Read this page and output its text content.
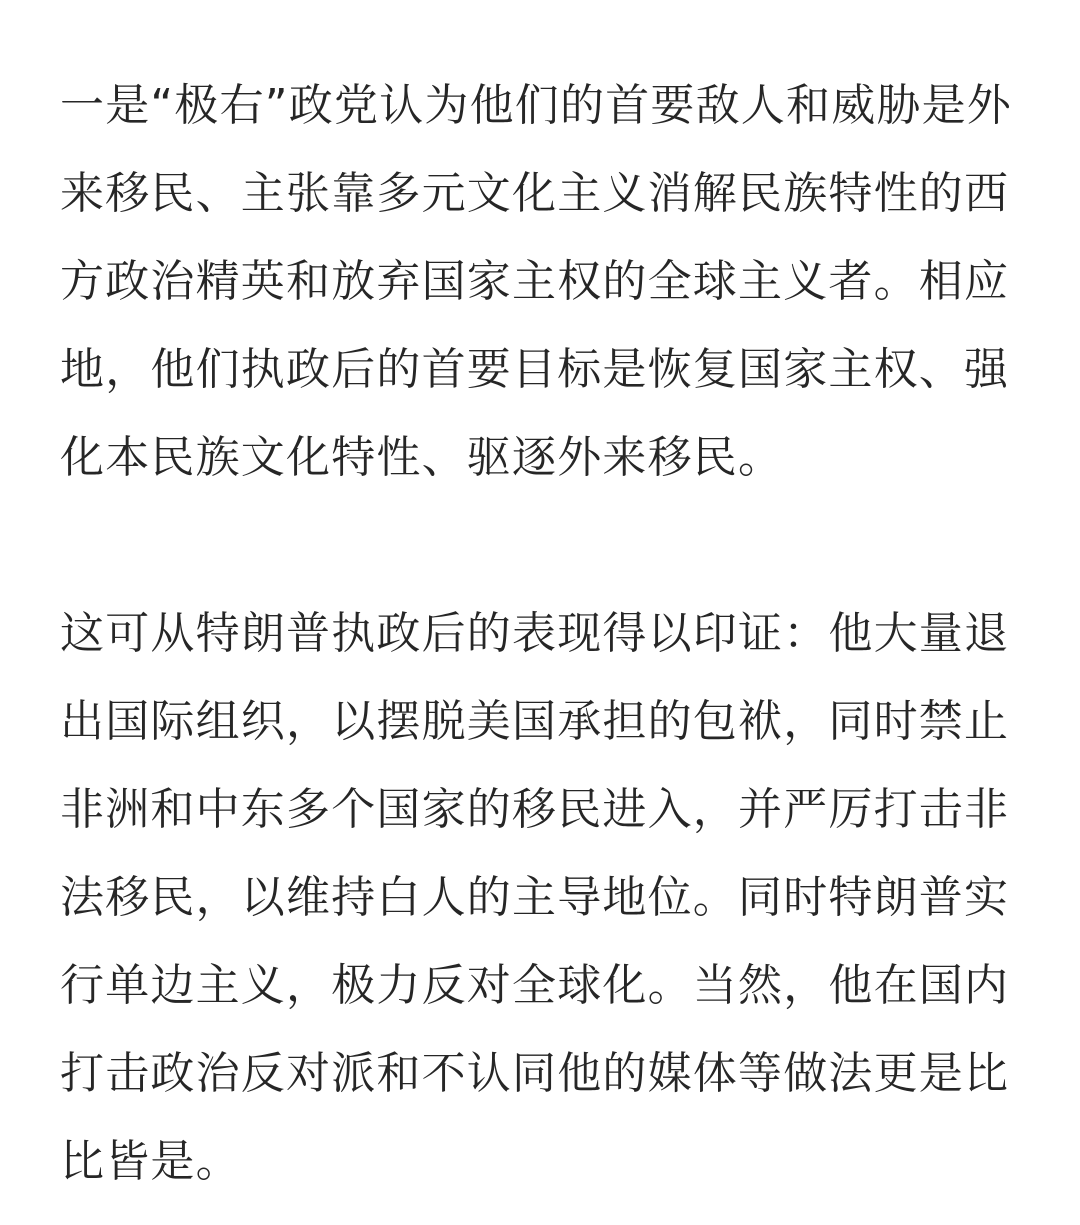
一是“极右”政党认为他们的首要敌人和威胁是外
来移民、主张靠多元文化主义消解民族特性的西
方政治精英和放弃国家主权的全球主义者。相应
地，他们执政后的首要目标是恢复国家主权、强
化本民族文化特性、驱逐外来移民。
这可从特朗普执政后的表现得以印证：他大量退
出国际组织，以摆脱美国承担的包袱，同时禁止
非洲和中东多个国家的移民进入，并严厉打击非
法移民，以维持白人的主导地位。同时特朗普实
行单边主义，极力反对全球化。当然，他在国内
打击政治反对派和不认同他的媒体等做法更是比
比皆是。
